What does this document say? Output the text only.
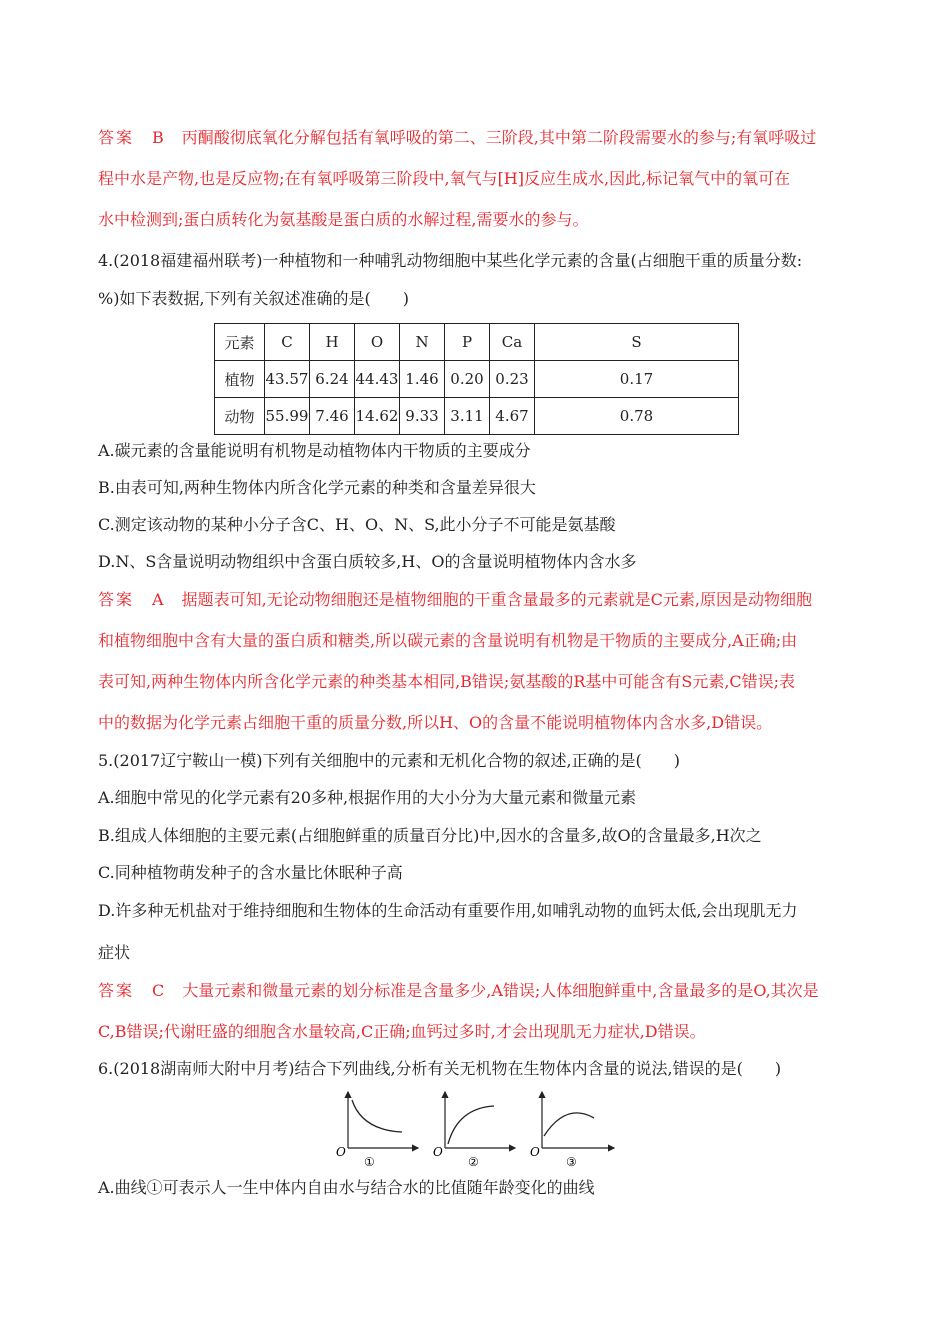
答案 B 丙酮酸彻底氧化分解包括有氧呼吸的第二、三阶段,其中第二阶段需要水的参与;有氧呼吸过
程中水是产物,也是反应物;在有氧呼吸第三阶段中,氧气与[H]反应生成水,因此,标记氧气中的氧可在
水中检测到;蛋白质转化为氨基酸是蛋白质的水解过程,需要水的参与。
4.(2018福建福州联考)一种植物和一种哺乳动物细胞中某些化学元素的含量(占细胞干重的质量分数:
%)如下表数据,下列有关叙述准确的是(　　)
元素	C	H	O	N	P	Ca	S
植物	43.57	6.24	44.43	1.46	0.20	0.23	0.17
动物	55.99	7.46	14.62	9.33	3.11	4.67	0.78
A.碳元素的含量能说明有机物是动植物体内干物质的主要成分
B.由表可知,两种生物体内所含化学元素的种类和含量差异很大
C.测定该动物的某种小分子含C、H、O、N、S,此小分子不可能是氨基酸
D.N、S含量说明动物组织中含蛋白质较多,H、O的含量说明植物体内含水多
答案 A 据题表可知,无论动物细胞还是植物细胞的干重含量最多的元素就是C元素,原因是动物细胞
和植物细胞中含有大量的蛋白质和糖类,所以碳元素的含量说明有机物是干物质的主要成分,A正确;由
表可知,两种生物体内所含化学元素的种类基本相同,B错误;氨基酸的R基中可能含有S元素,C错误;表
中的数据为化学元素占细胞干重的质量分数,所以H、O的含量不能说明植物体内含水多,D错误。
5.(2017辽宁鞍山一模)下列有关细胞中的元素和无机化合物的叙述,正确的是(　　)
A.细胞中常见的化学元素有20多种,根据作用的大小分为大量元素和微量元素
B.组成人体细胞的主要元素(占细胞鲜重的质量百分比)中,因水的含量多,故O的含量最多,H次之
C.同种植物萌发种子的含水量比休眠种子高
D.许多种无机盐对于维持细胞和生物体的生命活动有重要作用,如哺乳动物的血钙太低,会出现肌无力
症状
答案 C 大量元素和微量元素的划分标准是含量多少,A错误;人体细胞鲜重中,含量最多的是O,其次是
C,B错误;代谢旺盛的细胞含水量较高,C正确;血钙过多时,才会出现肌无力症状,D错误。
6.(2018湖南师大附中月考)结合下列曲线,分析有关无机物在生物体内含量的说法,错误的是(　　)
O
①
O
②
O
③
A.曲线①可表示人一生中体内自由水与结合水的比值随年龄变化的曲线
